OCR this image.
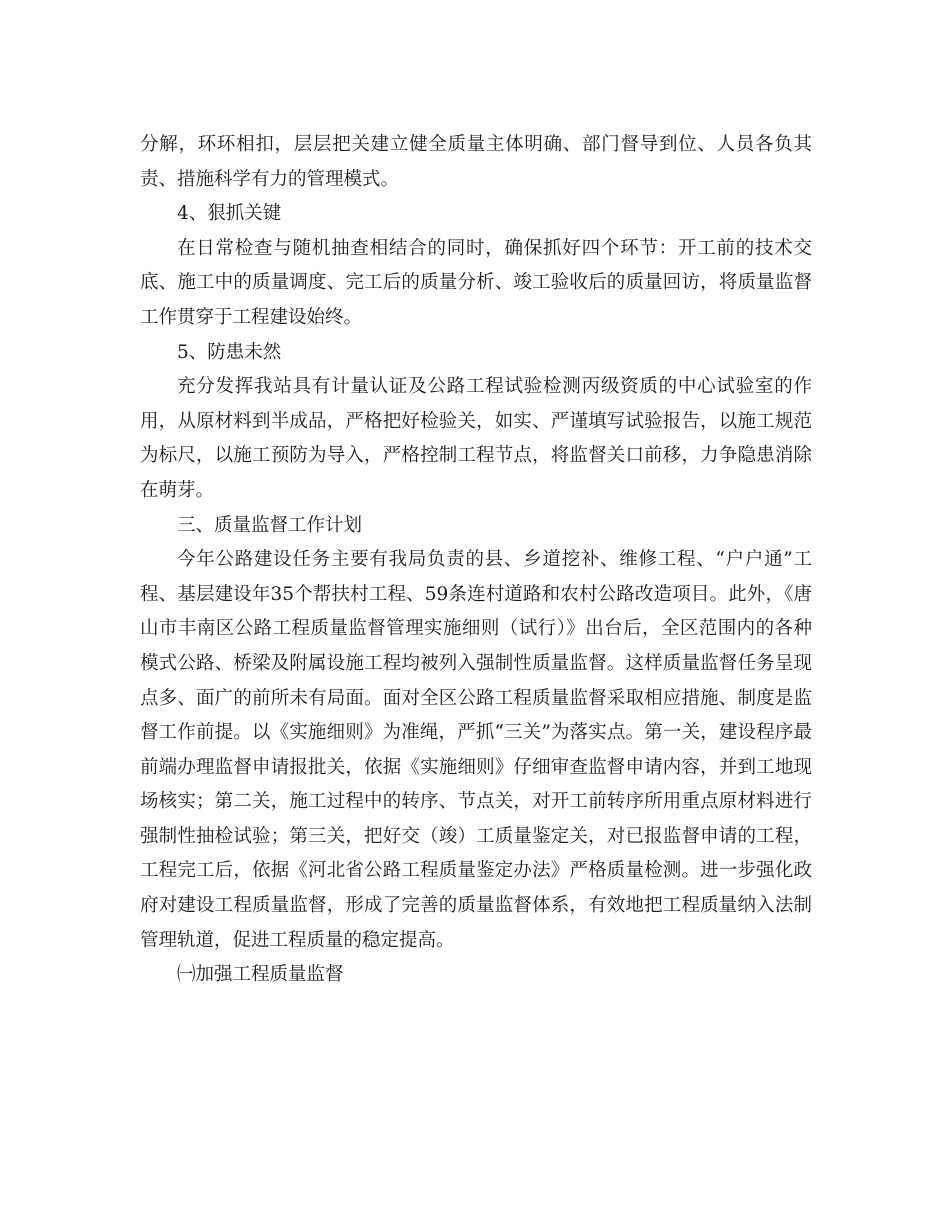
分解，环环相扣，层层把关建立健全质量主体明确、部门督导到位、人员各负其责、措施科学有力的管理模式。

4、狠抓关键

在日常检查与随机抽查相结合的同时，确保抓好四个环节：开工前的技术交底、施工中的质量调度、完工后的质量分析、竣工验收后的质量回访，将质量监督工作贯穿于工程建设始终。

5、防患未然

充分发挥我站具有计量认证及公路工程试验检测丙级资质的中心试验室的作用，从原材料到半成品，严格把好检验关，如实、严谨填写试验报告，以施工规范为标尺，以施工预防为导入，严格控制工程节点，将监督关口前移，力争隐患消除在萌芽。

三、质量监督工作计划

今年公路建设任务主要有我局负责的县、乡道挖补、维修工程、“户户通”工程、基层建设年35个帮扶村工程、59条连村道路和农村公路改造项目。此外，《唐山市丰南区公路工程质量监督管理实施细则（试行）》出台后，全区范围内的各种模式公路、桥梁及附属设施工程均被列入强制性质量监督。这样质量监督任务呈现点多、面广的前所未有局面。面对全区公路工程质量监督采取相应措施、制度是监督工作前提。以《实施细则》为准绳，严抓“三关”为落实点。第一关，建设程序最前端办理监督申请报批关，依据《实施细则》仔细审查监督申请内容，并到工地现场核实；第二关，施工过程中的转序、节点关，对开工前转序所用重点原材料进行强制性抽检试验；第三关，把好交（竣）工质量鉴定关，对已报监督申请的工程，工程完工后，依据《河北省公路工程质量鉴定办法》严格质量检测。进一步强化政府对建设工程质量监督，形成了完善的质量监督体系，有效地把工程质量纳入法制管理轨道，促进工程质量的稳定提高。

㈠加强工程质量监督
